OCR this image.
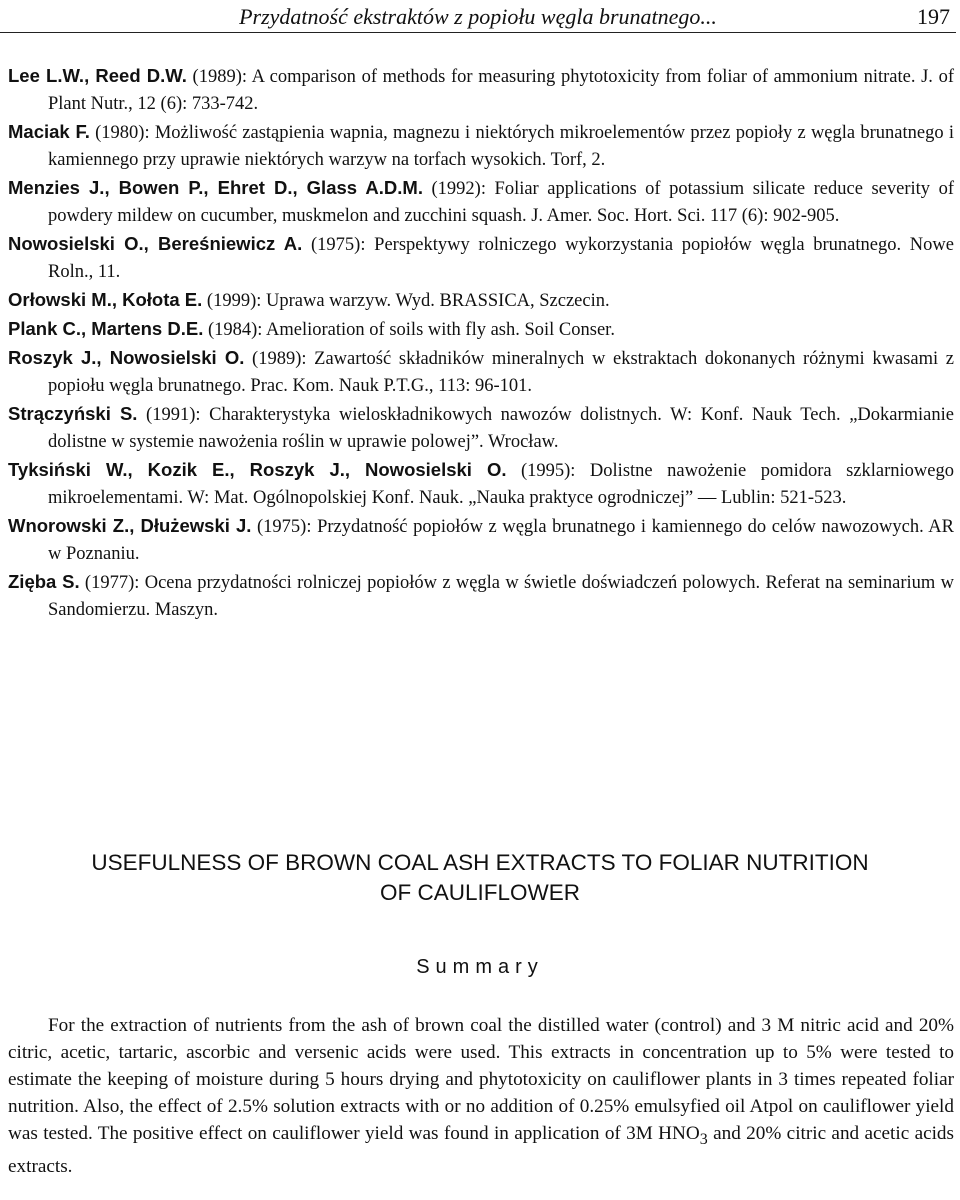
Przydatność ekstraktów z popiołu węgla brunatnego...	197

Lee L.W., Reed D.W. (1989): A comparison of methods for measuring phytotoxicity from foliar of ammonium nitrate. J. of Plant Nutr., 12 (6): 733-742.

Maciak F. (1980): Możliwość zastąpienia wapnia, magnezu i niektórych mikroelementów przez popioły z węgla brunatnego i kamiennego przy uprawie niektórych warzyw na torfach wysokich. Torf, 2.

Menzies J., Bowen P., Ehret D., Glass A.D.M. (1992): Foliar applications of potassium silicate reduce severity of powdery mildew on cucumber, muskmelon and zucchini squash. J. Amer. Soc. Hort. Sci. 117 (6): 902-905.

Nowosielski O., Bereśniewicz A. (1975): Perspektywy rolniczego wykorzystania popiołów węgla brunatnego. Nowe Roln., 11.

Orłowski M., Kołota E. (1999): Uprawa warzyw. Wyd. BRASSICA, Szczecin.

Plank C., Martens D.E. (1984): Amelioration of soils with fly ash. Soil Conser.

Roszyk J., Nowosielski O. (1989): Zawartość składników mineralnych w ekstraktach dokonanych różnymi kwasami z popiołu węgla brunatnego. Prac. Kom. Nauk P.T.G., 113: 96-101.

Strączyński S. (1991): Charakterystyka wieloskładnikowych nawozów dolistnych. W: Konf. Nauk Tech. „Dokarmianie dolistne w systemie nawożenia roślin w uprawie polowej”. Wrocław.

Tyksiński W., Kozik E., Roszyk J., Nowosielski O. (1995): Dolistne nawożenie pomidora szklarniowego mikroelementami. W: Mat. Ogólnopolskiej Konf. Nauk. „Nauka praktyce ogrodniczej” — Lublin: 521-523.

Wnorowski Z., Dłużewski J. (1975): Przydatność popiołów z węgla brunatnego i kamiennego do celów nawozowych. AR w Poznaniu.

Zięba S. (1977): Ocena przydatności rolniczej popiołów z węgla w świetle doświadczeń polowych. Referat na seminarium w Sandomierzu. Maszyn.

USEFULNESS OF BROWN COAL ASH EXTRACTS TO FOLIAR NUTRITION
OF CAULIFLOWER
Summary

For the extraction of nutrients from the ash of brown coal the distilled water (control) and 3 M nitric acid and 20% citric, acetic, tartaric, ascorbic and versenic acids were used. This extracts in concentration up to 5% were tested to estimate the keeping of moisture during 5 hours drying and phytotoxicity on cauliflower plants in 3 times repeated foliar nutrition. Also, the effect of 2.5% solution extracts with or no addition of 0.25% emulsyfied oil Atpol on cauliflower yield was tested. The positive effect on cauliflower yield was found in application of 3M $HNO_3$ and 20% citric and acetic acids extracts.
